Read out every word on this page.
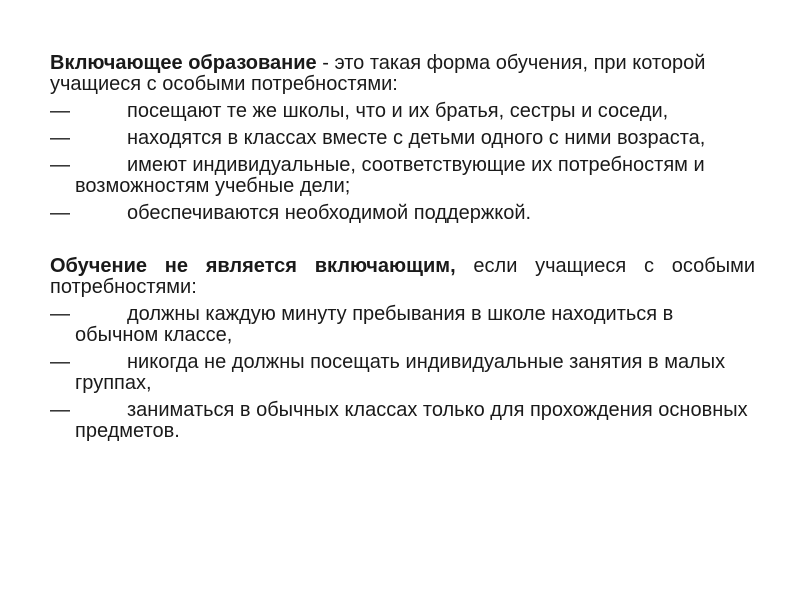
Включающее образование - это такая форма обучения, при которой учащиеся с особыми потребностями:

—	посещают те же школы, что и их братья, сестры и соседи,
—	находятся в классах вместе с детьми одного с ними возраста,
—	имеют индивидуальные, соответствующие их потребностям и возможностям учебные дели;
—	обеспечиваются необходимой поддержкой.

Обучение не является включающим, если учащиеся с особыми потребностями:

—	должны каждую минуту пребывания в школе находиться в обычном классе,
—	никогда не должны посещать индивидуальные занятия в малых группах,
—	заниматься в обычных классах только для прохождения основных предметов.
